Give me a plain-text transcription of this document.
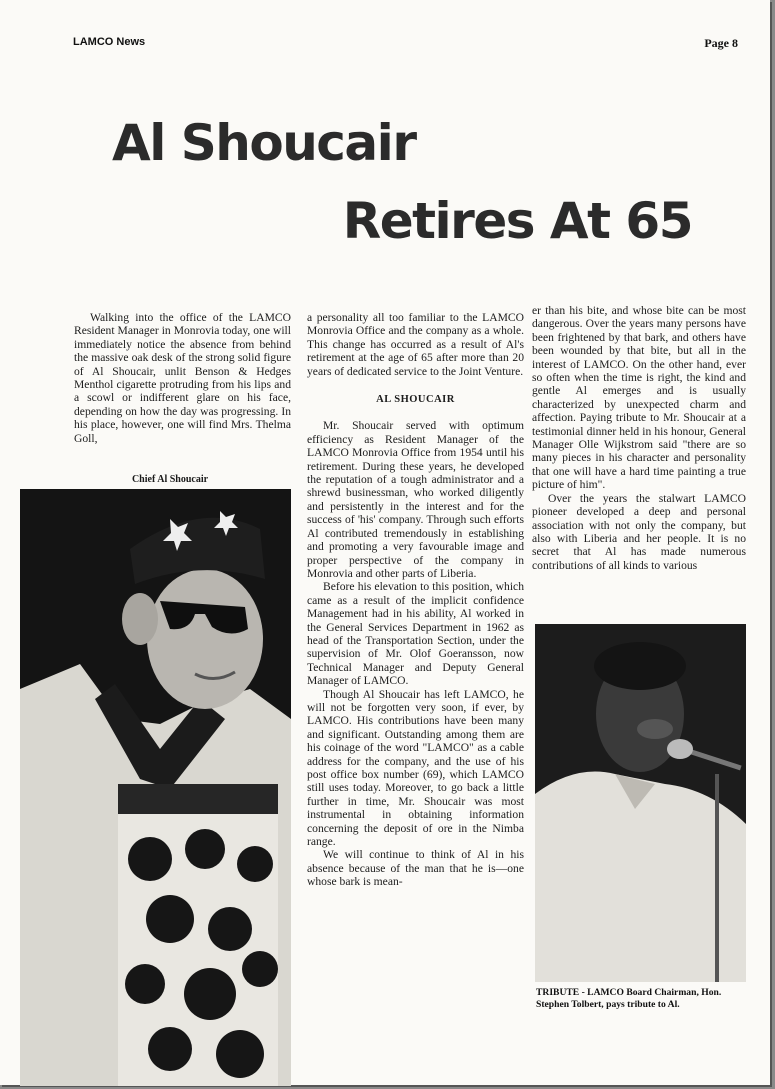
LAMCO News	Page 8
Al Shoucair
Retires At 65

Walking into the office of the LAMCO Resident Manager in Monrovia today, one will immediately notice the absence from behind the massive oak desk of the strong solid figure of Al Shoucair, unlit Benson & Hedges Menthol cigarette protruding from his lips and a scowl or indifferent glare on his face, depending on how the day was progressing. In his place, however, one will find Mrs. Thelma Goll,

Chief Al Shoucair

a personality all too familiar to the LAMCO Monrovia Office and the company as a whole. This change has occurred as a result of Al's retirement at the age of 65 after more than 20 years of dedicated service to the Joint Venture.

AL SHOUCAIR

Mr. Shoucair served with optimum efficiency as Resident Manager of the LAMCO Monrovia Office from 1954 until his retirement. During these years, he developed the reputation of a tough administrator and a shrewd businessman, who worked diligently and persistently in the interest and for the success of 'his' company. Through such efforts Al contributed tremendously in establishing and promoting a very favourable image and proper perspective of the company in Monrovia and other parts of Liberia.

Before his elevation to this position, which came as a result of the implicit confidence Management had in his ability, Al worked in the General Services Department in 1962 as head of the Transportation Section, under the supervision of Mr. Olof Goeransson, now Technical Manager and Deputy General Manager of LAMCO.

Though Al Shoucair has left LAMCO, he will not be forgotten very soon, if ever, by LAMCO. His contributions have been many and significant. Outstanding among them are his coinage of the word "LAMCO" as a cable address for the company, and the use of his post office box number (69), which LAMCO still uses today. Moreover, to go back a little further in time, Mr. Shoucair was most instrumental in obtaining information concerning the deposit of ore in the Nimba range.

We will continue to think of Al in his absence because of the man that he is—one whose bark is mean-

er than his bite, and whose bite can be most dangerous. Over the years many persons have been frightened by that bark, and others have been wounded by that bite, but all in the interest of LAMCO. On the other hand, ever so often when the time is right, the kind and gentle Al emerges and is usually characterized by unexpected charm and affection. Paying tribute to Mr. Shoucair at a testimonial dinner held in his honour, General Manager Olle Wijkstrom said "there are so many pieces in his character and personality that one will have a hard time painting a true picture of him".

Over the years the stalwart LAMCO pioneer developed a deep and personal association with not only the company, but also with Liberia and her people. It is no secret that Al has made numerous contributions of all kinds to various

TRIBUTE - LAMCO Board Chairman, Hon. Stephen Tolbert, pays tribute to Al.
